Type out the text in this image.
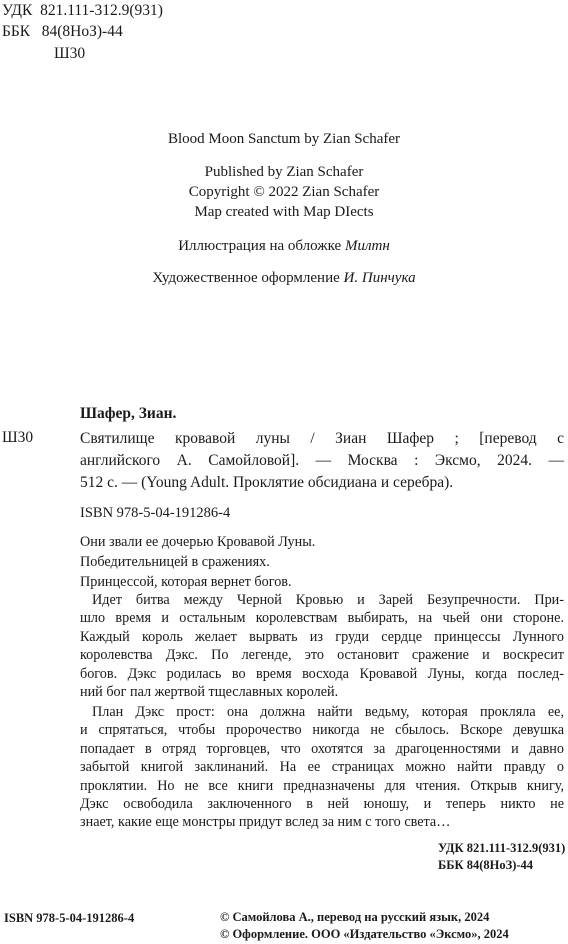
УДК 821.111-312.9(931)
ББК 84(8НоЗ)-44
Ш30
Blood Moon Sanctum by Zian Schafer
Published by Zian Schafer
Copyright © 2022 Zian Schafer
Map created with Map DIects
Иллюстрация на обложке Милтн
Художественное оформление И. Пинчука
Шафер, Зиан.
Ш30	Святилище кровавой луны / Зиан Шафер ; [перевод с
английского А. Самойловой]. — Москва : Эксмо, 2024. —
512 с. — (Young Adult. Проклятие обсидиана и серебра).
ISBN 978-5-04-191286-4
Они звали ее дочерью Кровавой Луны.
Победительницей в сражениях.
Принцессой, которая вернет богов.
Идет битва между Черной Кровью и Зарей Безупречности. При-
шло время и остальным королевствам выбирать, на чьей они стороне.
Каждый король желает вырвать из груди сердце принцессы Лунного
королевства Дэкс. По легенде, это остановит сражение и воскресит
богов. Дэкс родилась во время восхода Кровавой Луны, когда послед-
ний бог пал жертвой тщеславных королей.
План Дэкс прост: она должна найти ведьму, которая прокляла ее,
и спрятаться, чтобы пророчество никогда не сбылось. Вскоре девушка
попадает в отряд торговцев, что охотятся за драгоценностями и давно
забытой книгой заклинаний. На ее страницах можно найти правду о
проклятии. Но не все книги предназначены для чтения. Открыв книгу,
Дэкс освободила заключенного в ней юношу, и теперь никто не
знает, какие еще монстры придут вслед за ним с того света…
УДК 821.111-312.9(931)
ББК 84(8НоЗ)-44
ISBN 978-5-04-191286-4	© Самойлова А., перевод на русский язык, 2024
© Оформление. ООО «Издательство «Эксмо», 2024
